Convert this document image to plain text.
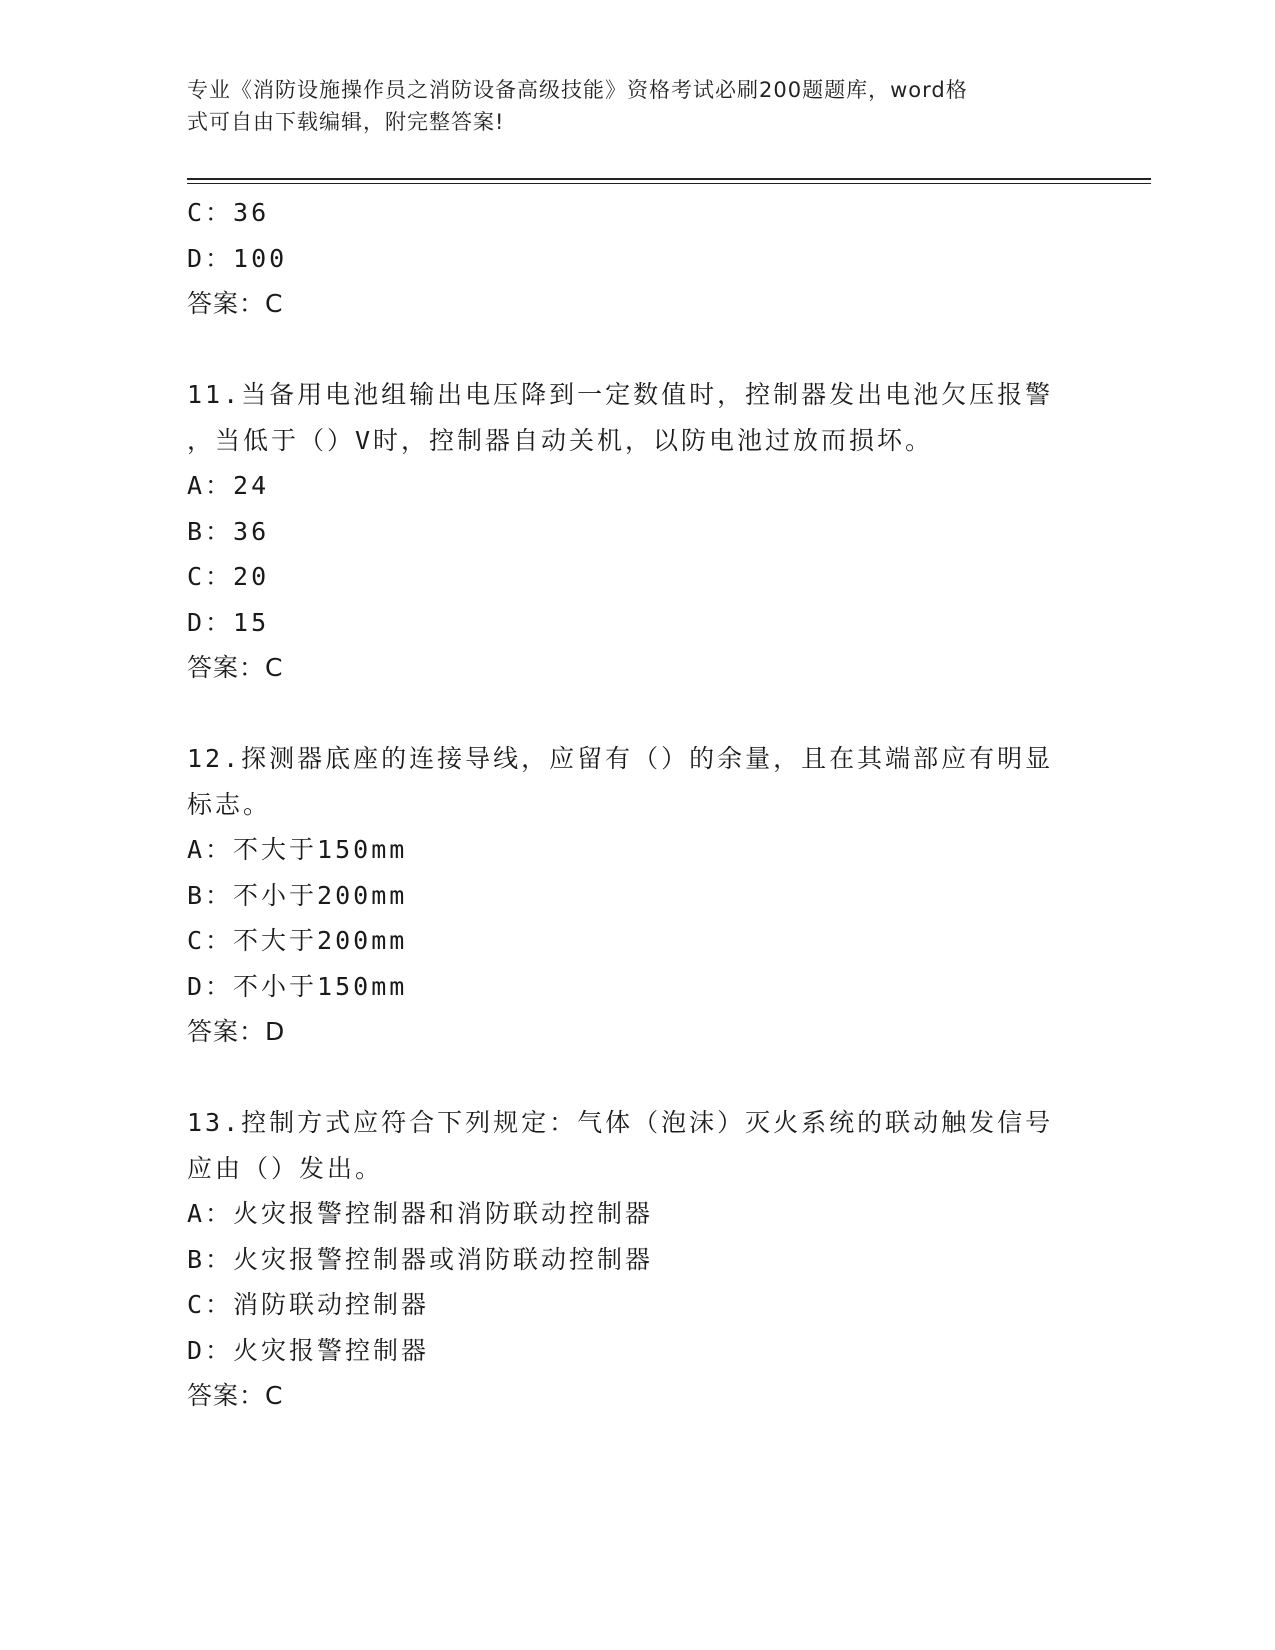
专业《消防设施操作员之消防设备高级技能》资格考试必刷200题题库，word格
式可自由下载编辑，附完整答案!
C：36
D：100
答案：C
11.当备用电池组输出电压降到一定数值时，控制器发出电池欠压报警
，当低于（）V时，控制器自动关机，以防电池过放而损坏。
A：24
B：36
C：20
D：15
答案：C
12.探测器底座的连接导线，应留有（）的余量，且在其端部应有明显
标志。
A：不大于150mm
B：不小于200mm
C：不大于200mm
D：不小于150mm
答案：D
13.控制方式应符合下列规定：气体（泡沫）灭火系统的联动触发信号
应由（）发出。
A：火灾报警控制器和消防联动控制器
B：火灾报警控制器或消防联动控制器
C：消防联动控制器
D：火灾报警控制器
答案：C
